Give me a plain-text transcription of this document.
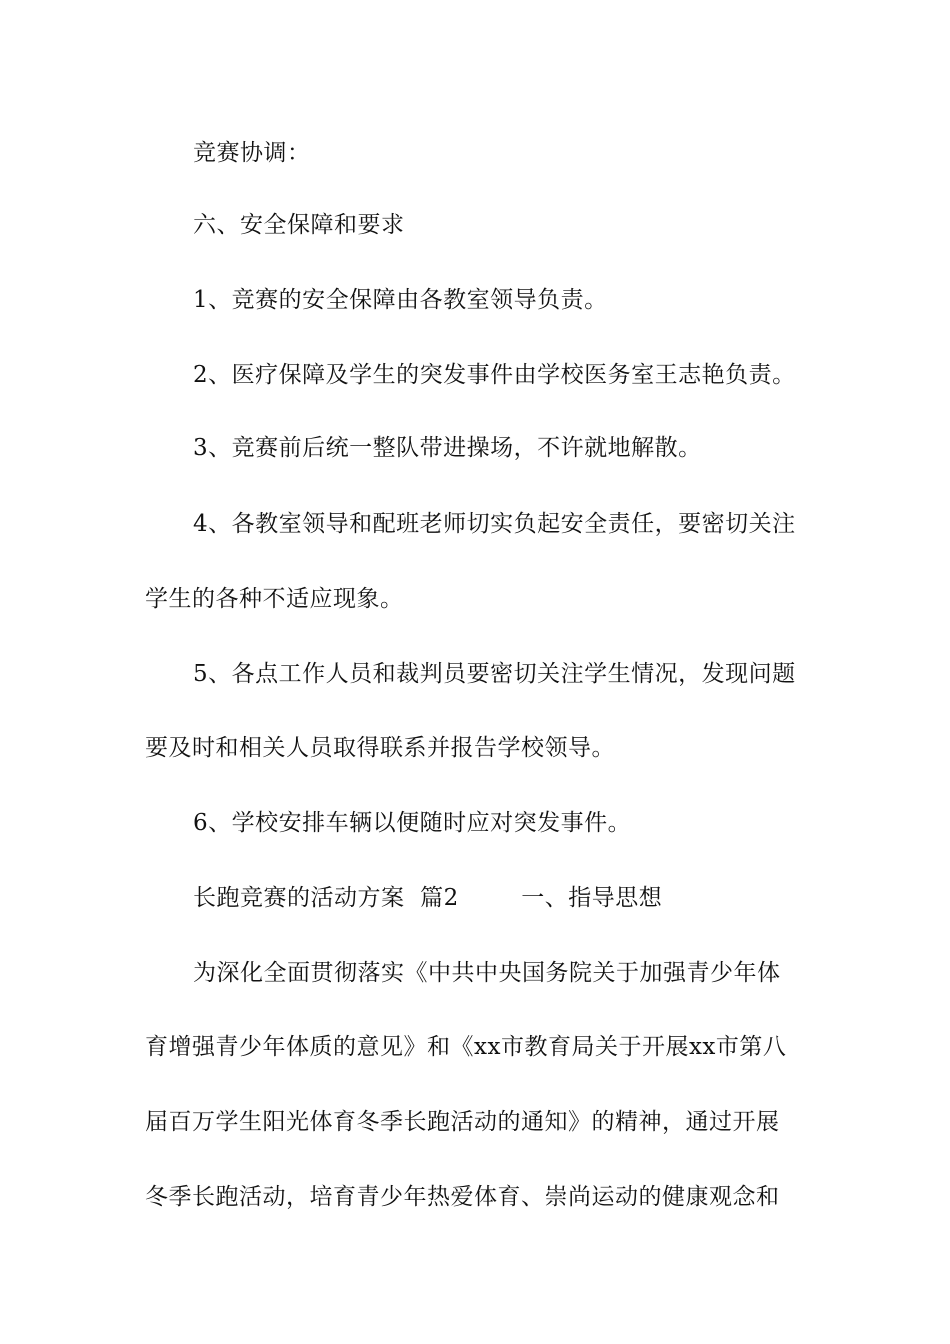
竞赛协调：
六、安全保障和要求
1、竞赛的安全保障由各教室领导负责。
2、医疗保障及学生的突发事件由学校医务室王志艳负责。
3、竞赛前后统一整队带进操场，不许就地解散。
4、各教室领导和配班老师切实负起安全责任，要密切关注
学生的各种不适应现象。
5、各点工作人员和裁判员要密切关注学生情况，发现问题
要及时和相关人员取得联系并报告学校领导。
6、学校安排车辆以便随时应对突发事件。
长跑竞赛的活动方案  篇2        一、指导思想
为深化全面贯彻落实《中共中央国务院关于加强青少年体
育增强青少年体质的意见》和《xx市教育局关于开展xx市第八
届百万学生阳光体育冬季长跑活动的通知》的精神，通过开展
冬季长跑活动，培育青少年热爱体育、崇尚运动的健康观念和
